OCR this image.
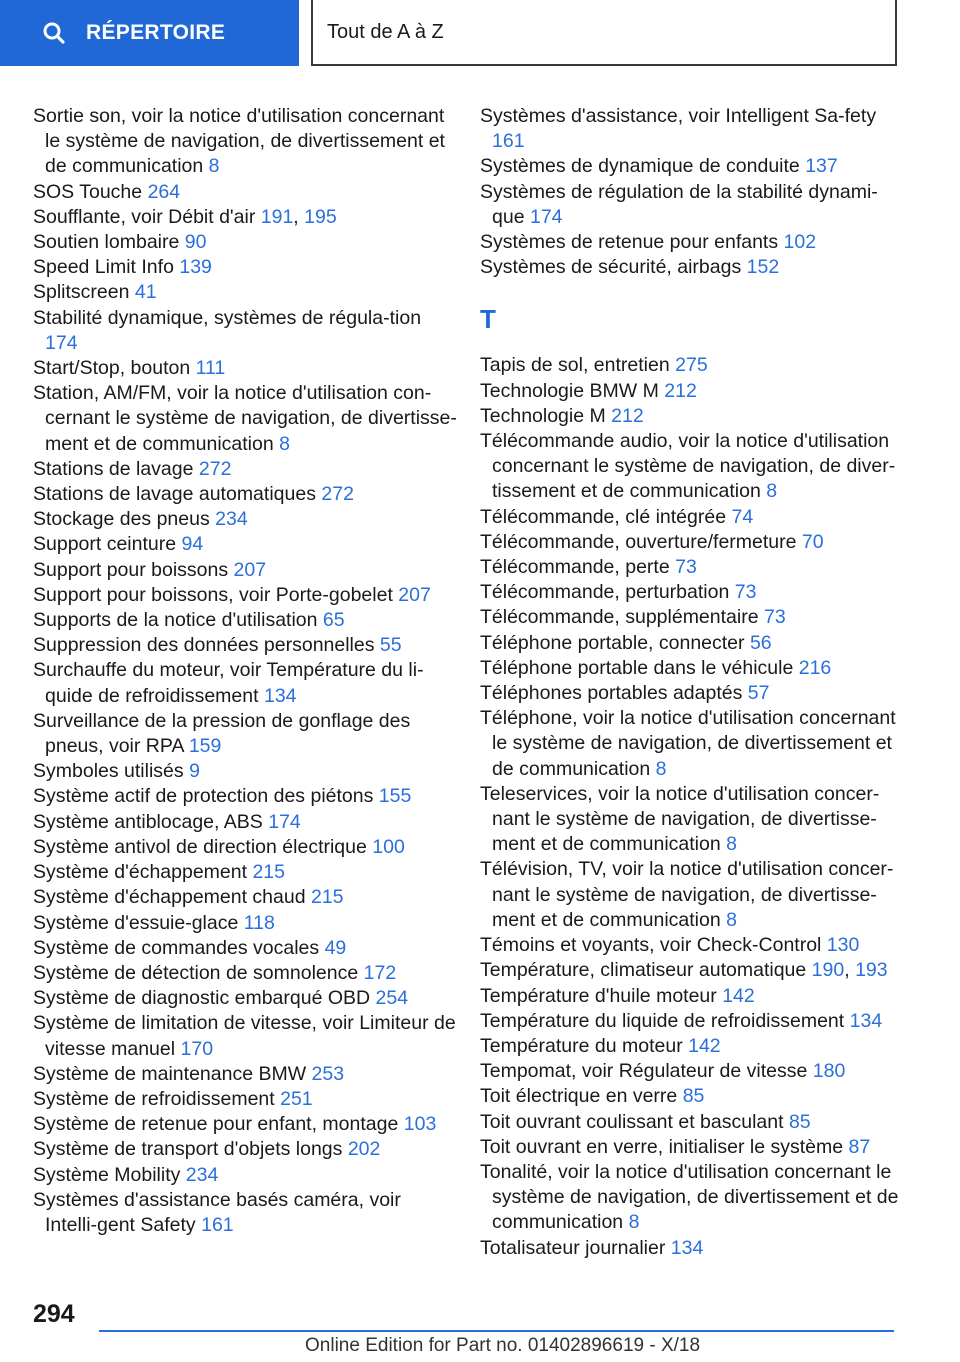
RÉPERTOIRE	Tout de A à Z
Sortie son, voir la notice d'utilisation concernant le système de navigation, de divertissement et de communication 8
SOS Touche 264
Soufflante, voir Débit d'air 191, 195
Soutien lombaire 90
Speed Limit Info 139
Splitscreen 41
Stabilité dynamique, systèmes de régula-tion 174
Start/Stop, bouton 111
Station, AM/FM, voir la notice d'utilisation con-cernant le système de navigation, de divertisse-ment et de communication 8
Stations de lavage 272
Stations de lavage automatiques 272
Stockage des pneus 234
Support ceinture 94
Support pour boissons 207
Support pour boissons, voir Porte-gobelet 207
Supports de la notice d'utilisation 65
Suppression des données personnelles 55
Surchauffe du moteur, voir Température du li-quide de refroidissement 134
Surveillance de la pression de gonflage des pneus, voir RPA 159
Symboles utilisés 9
Système actif de protection des piétons 155
Système antiblocage, ABS 174
Système antivol de direction électrique 100
Système d'échappement 215
Système d'échappement chaud 215
Système d'essuie-glace 118
Système de commandes vocales 49
Système de détection de somnolence 172
Système de diagnostic embarqué OBD 254
Système de limitation de vitesse, voir Limiteur de vitesse manuel 170
Système de maintenance BMW 253
Système de refroidissement 251
Système de retenue pour enfant, montage 103
Système de transport d'objets longs 202
Système Mobility 234
Systèmes d'assistance basés caméra, voir Intelli-gent Safety 161
Systèmes d'assistance, voir Intelligent Sa-fety 161
Systèmes de dynamique de conduite 137
Systèmes de régulation de la stabilité dynami-que 174
Systèmes de retenue pour enfants 102
Systèmes de sécurité, airbags 152
T
Tapis de sol, entretien 275
Technologie BMW M 212
Technologie M 212
Télécommande audio, voir la notice d'utilisation concernant le système de navigation, de diver-tissement et de communication 8
Télécommande, clé intégrée 74
Télécommande, ouverture/fermeture 70
Télécommande, perte 73
Télécommande, perturbation 73
Télécommande, supplémentaire 73
Téléphone portable, connecter 56
Téléphone portable dans le véhicule 216
Téléphones portables adaptés 57
Téléphone, voir la notice d'utilisation concernant le système de navigation, de divertissement et de communication 8
Teleservices, voir la notice d'utilisation concer-nant le système de navigation, de divertisse-ment et de communication 8
Télévision, TV, voir la notice d'utilisation concer-nant le système de navigation, de divertisse-ment et de communication 8
Témoins et voyants, voir Check-Control 130
Température, climatiseur automatique 190, 193
Température d'huile moteur 142
Température du liquide de refroidissement 134
Température du moteur 142
Tempomat, voir Régulateur de vitesse 180
Toit électrique en verre 85
Toit ouvrant coulissant et basculant 85
Toit ouvrant en verre, initialiser le système 87
Tonalité, voir la notice d'utilisation concernant le système de navigation, de divertissement et de communication 8
Totalisateur journalier 134
294
Online Edition for Part no. 01402896619 - X/18
